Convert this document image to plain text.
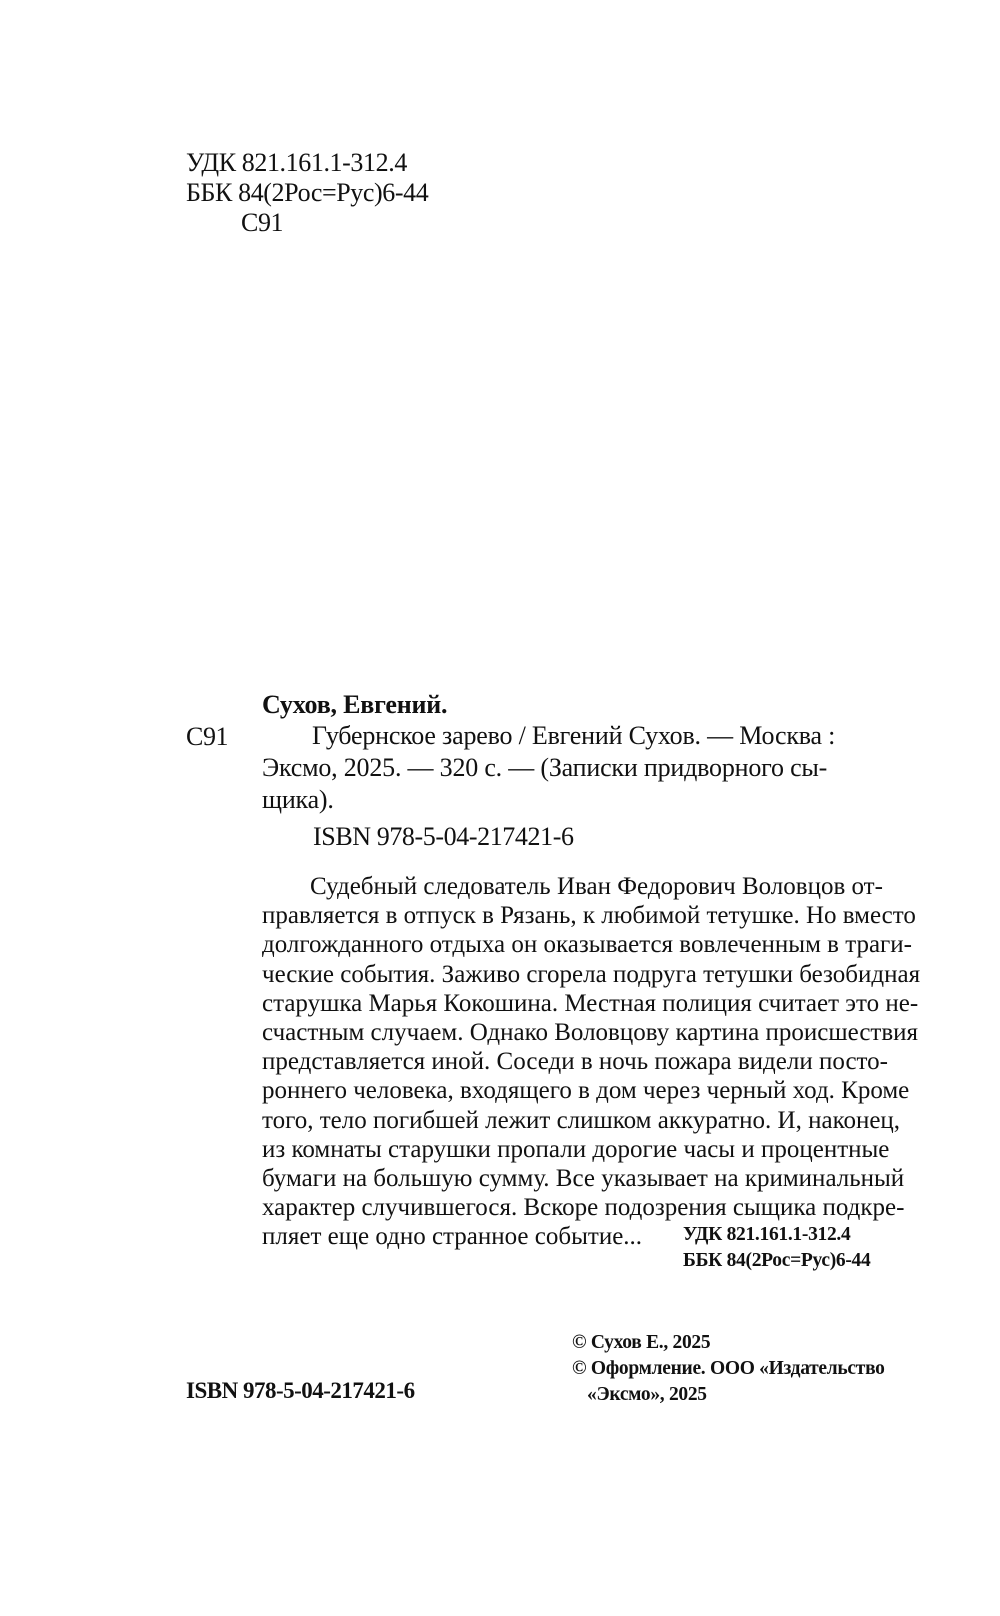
УДК 821.161.1-312.4
ББК 84(2Рос=Рус)6-44
С91
Сухов, Евгений.
С91	Губернское зарево / Евгений Сухов. — Москва :
Эксмо, 2025. — 320 с. — (Записки придворного сы-
щика).
ISBN 978-5-04-217421-6
Судебный следователь Иван Федорович Воловцов от-
правляется в отпуск в Рязань, к любимой тетушке. Но вместо
долгожданного отдыха он оказывается вовлеченным в траги-
ческие события. Заживо сгорела подруга тетушки безобидная
старушка Марья Кокошина. Местная полиция считает это не-
счастным случаем. Однако Воловцову картина происшествия
представляется иной. Соседи в ночь пожара видели посто-
роннего человека, входящего в дом через черный ход. Кроме
того, тело погибшей лежит слишком аккуратно. И, наконец,
из комнаты старушки пропали дорогие часы и процентные
бумаги на большую сумму. Все указывает на криминальный
характер случившегося. Вскоре подозрения сыщика подкре-
пляет еще одно странное событие...	УДК 821.161.1-312.4
ББК 84(2Рос=Рус)6-44
© Сухов Е., 2025
© Оформление. ООО «Издательство
«Эксмо», 2025
ISBN 978-5-04-217421-6
